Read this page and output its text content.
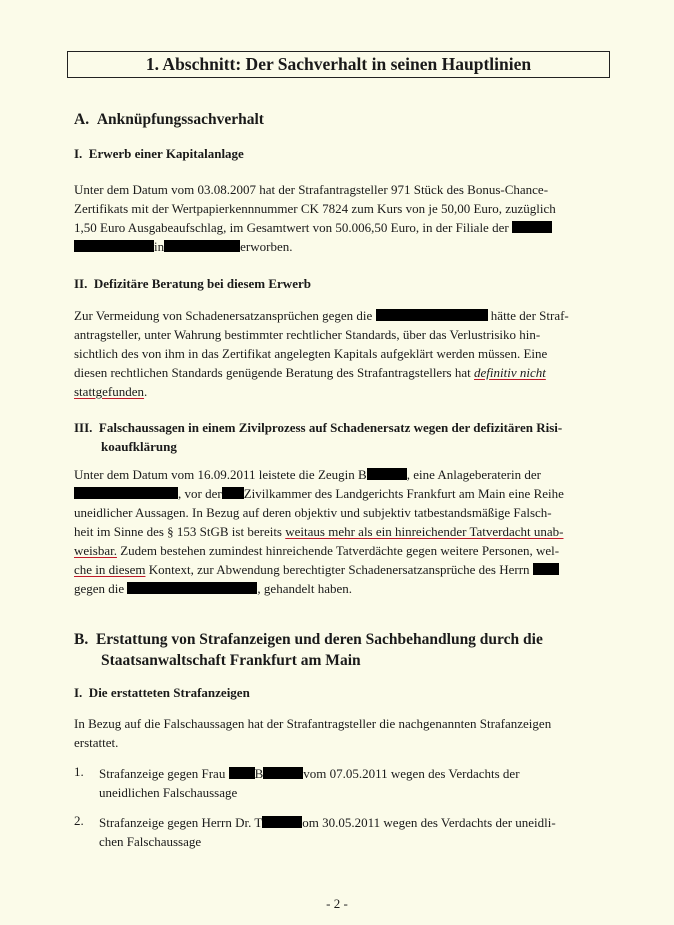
1. Abschnitt: Der Sachverhalt in seinen Hauptlinien
A.  Anknüpfungssachverhalt
I.  Erwerb einer Kapitalanlage
Unter dem Datum vom 03.08.2007 hat der Strafantragsteller 971 Stück des Bonus-Chance-
Zertifikats mit der Wertpapierkennnummer CK 7824 zum Kurs von je 50,00 Euro, zuzüglich
1,50 Euro Ausgabeaufschlag, im Gesamtwert von 50.006,50 Euro, in der Filiale der
in	erworben.
II.  Defizitäre Beratung bei diesem Erwerb
Zur Vermeidung von Schadenersatzansprüchen gegen die	hätte der Straf-
antragsteller, unter Wahrung bestimmter rechtlicher Standards, über das Verlustrisiko hin-
sichtlich des von ihm in das Zertifikat angelegten Kapitals aufgeklärt werden müssen. Eine
diesen rechtlichen Standards genügende Beratung des Strafantragstellers hat definitiv nicht
stattgefunden.
III.  Falschaussagen in einem Zivilprozess auf Schadenersatz wegen der defizitären Risi-
koaufklärung
Unter dem Datum vom 16.09.2011 leistete die Zeugin B	, eine Anlageberaterin der
, vor der Zivilkammer des Landgerichts Frankfurt am Main eine Reihe
uneidlicher Aussagen. In Bezug auf deren objektiv und subjektiv tatbestandsmäßige Falsch-
heit im Sinne des § 153 StGB ist bereits weitaus mehr als ein hinreichender Tatverdacht unab-
weisbar. Zudem bestehen zumindest hinreichende Tatverdächte gegen weitere Personen, wel-
che in diesem Kontext, zur Abwendung berechtigter Schadenersatzansprüche des Herrn
gegen die	, gehandelt haben.
B.  Erstattung von Strafanzeigen und deren Sachbehandlung durch die
Staatsanwaltschaft Frankfurt am Main
I.  Die erstatteten Strafanzeigen
In Bezug auf die Falschaussagen hat der Strafantragsteller die nachgenannten Strafanzeigen
erstattet.
1. Strafanzeige gegen Frau B	vom 07.05.2011 wegen des Verdachts der
uneidlichen Falschaussage
2. Strafanzeige gegen Herrn Dr. T	om 30.05.2011 wegen des Verdachts der uneidli-
chen Falschaussage
- 2 -
